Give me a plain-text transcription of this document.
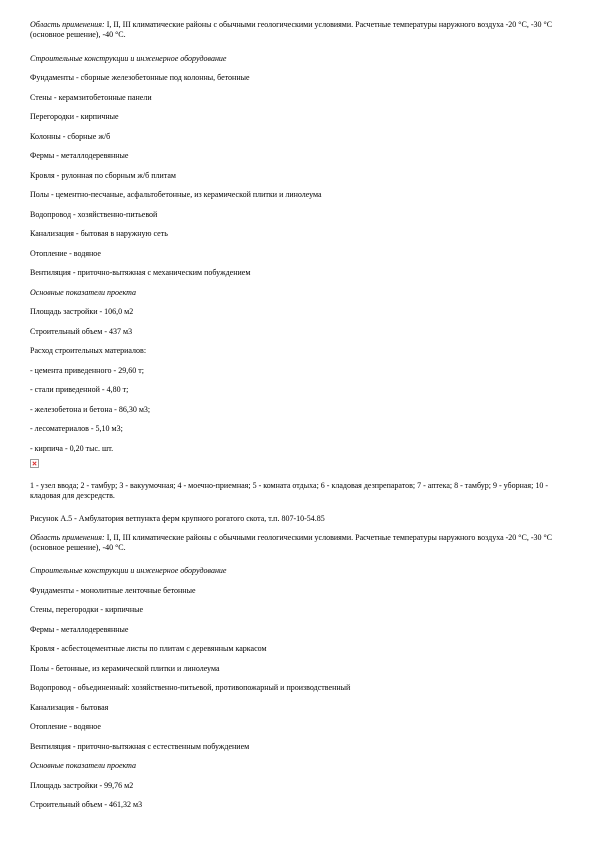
Область применения: I, II, III климатические районы с обычными геологическими условиями. Расчетные температуры наружного воздуха -20 °С, -30 °С (основное решение), -40 °С.
Строительные конструкции и инженерное оборудование
Фундаменты - сборные железобетонные под колонны, бетонные
Стены - керамзитобетонные панели
Перегородки - кирпичные
Колонны - сборные ж/б
Фермы - металлодеревянные
Кровля - рулонная по сборным ж/б плитам
Полы - цементно-песчаные, асфальтобетонные, из керамической плитки и линолеума
Водопровод - хозяйственно-питьевой
Канализация - бытовая в наружную сеть
Отопление - водяное
Вентиляция - приточно-вытяжная с механическим побуждением
Основные показатели проекта
Площадь застройки - 106,0 м2
Строительный объем - 437 м3
Расход строительных материалов:
- цемента приведенного - 29,60 т;
- стали приведенной - 4,80 т;
- железобетона и бетона - 86,30 м3;
- лесоматериалов - 5,10 м3;
- кирпича - 0,20 тыс. шт.
1 - узел ввода; 2 - тамбур; 3 - вакуумочная; 4 - моечно-приемная; 5 - комната отдыха; 6 - кладовая дезпрепаратов; 7 - аптека; 8 - тамбур; 9 - уборная; 10 - кладовая для дезсредств.
Рисунок А.5 - Амбулатория ветпункта ферм крупного рогатого скота, т.п. 807-10-54.85
Область применения: I, II, III климатические районы с обычными геологическими условиями. Расчетные температуры наружного воздуха -20 °С, -30 °С (основное решение), -40 °С.
Строительные конструкции и инженерное оборудование
Фундаменты - монолитные ленточные бетонные
Стены, перегородки - кирпичные
Фермы - металлодеревянные
Кровля - асбестоцементные листы по плитам с деревянным каркасом
Полы - бетонные, из керамической плитки и линолеума
Водопровод - объединенный: хозяйственно-питьевой, противопожарный и производственный
Канализация - бытовая
Отопление - водяное
Вентиляция - приточно-вытяжная с естественным побуждением
Основные показатели проекта
Площадь застройки - 99,76 м2
Строительный объем - 461,32 м3
